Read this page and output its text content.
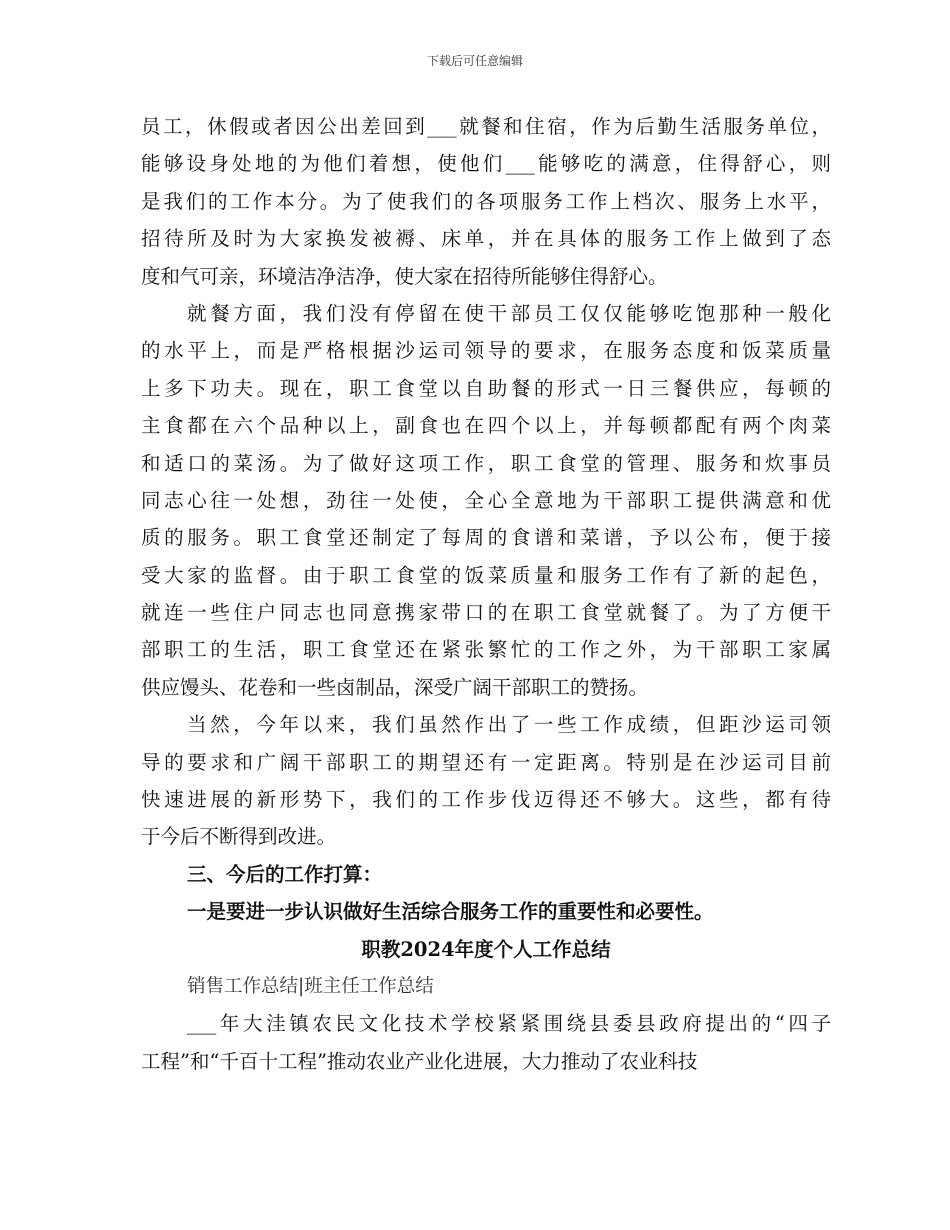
下载后可任意编辑
员工，休假或者因公出差回到___就餐和住宿，作为后勤生活服务单位，
能够设身处地的为他们着想，使他们___能够吃的满意，住得舒心，则
是我们的工作本分。为了使我们的各项服务工作上档次、服务上水平，
招待所及时为大家换发被褥、床单，并在具体的服务工作上做到了态
度和气可亲，环境洁净洁净，使大家在招待所能够住得舒心。
就餐方面，我们没有停留在使干部员工仅仅能够吃饱那种一般化
的水平上，而是严格根据沙运司领导的要求，在服务态度和饭菜质量
上多下功夫。现在，职工食堂以自助餐的形式一日三餐供应，每顿的
主食都在六个品种以上，副食也在四个以上，并每顿都配有两个肉菜
和适口的菜汤。为了做好这项工作，职工食堂的管理、服务和炊事员
同志心往一处想，劲往一处使，全心全意地为干部职工提供满意和优
质的服务。职工食堂还制定了每周的食谱和菜谱，予以公布，便于接
受大家的监督。由于职工食堂的饭菜质量和服务工作有了新的起色，
就连一些住户同志也同意携家带口的在职工食堂就餐了。为了方便干
部职工的生活，职工食堂还在紧张繁忙的工作之外，为干部职工家属
供应馒头、花卷和一些卤制品，深受广阔干部职工的赞扬。
当然，今年以来，我们虽然作出了一些工作成绩，但距沙运司领
导的要求和广阔干部职工的期望还有一定距离。特别是在沙运司目前
快速进展的新形势下，我们的工作步伐迈得还不够大。这些，都有待
于今后不断得到改进。
三、今后的工作打算：
一是要进一步认识做好生活综合服务工作的重要性和必要性。
职教2024年度个人工作总结
销售工作总结|班主任工作总结
___年大洼镇农民文化技术学校紧紧围绕县委县政府提出的“四子
工程”和“千百十工程”推动农业产业化进展，大力推动了农业科技
